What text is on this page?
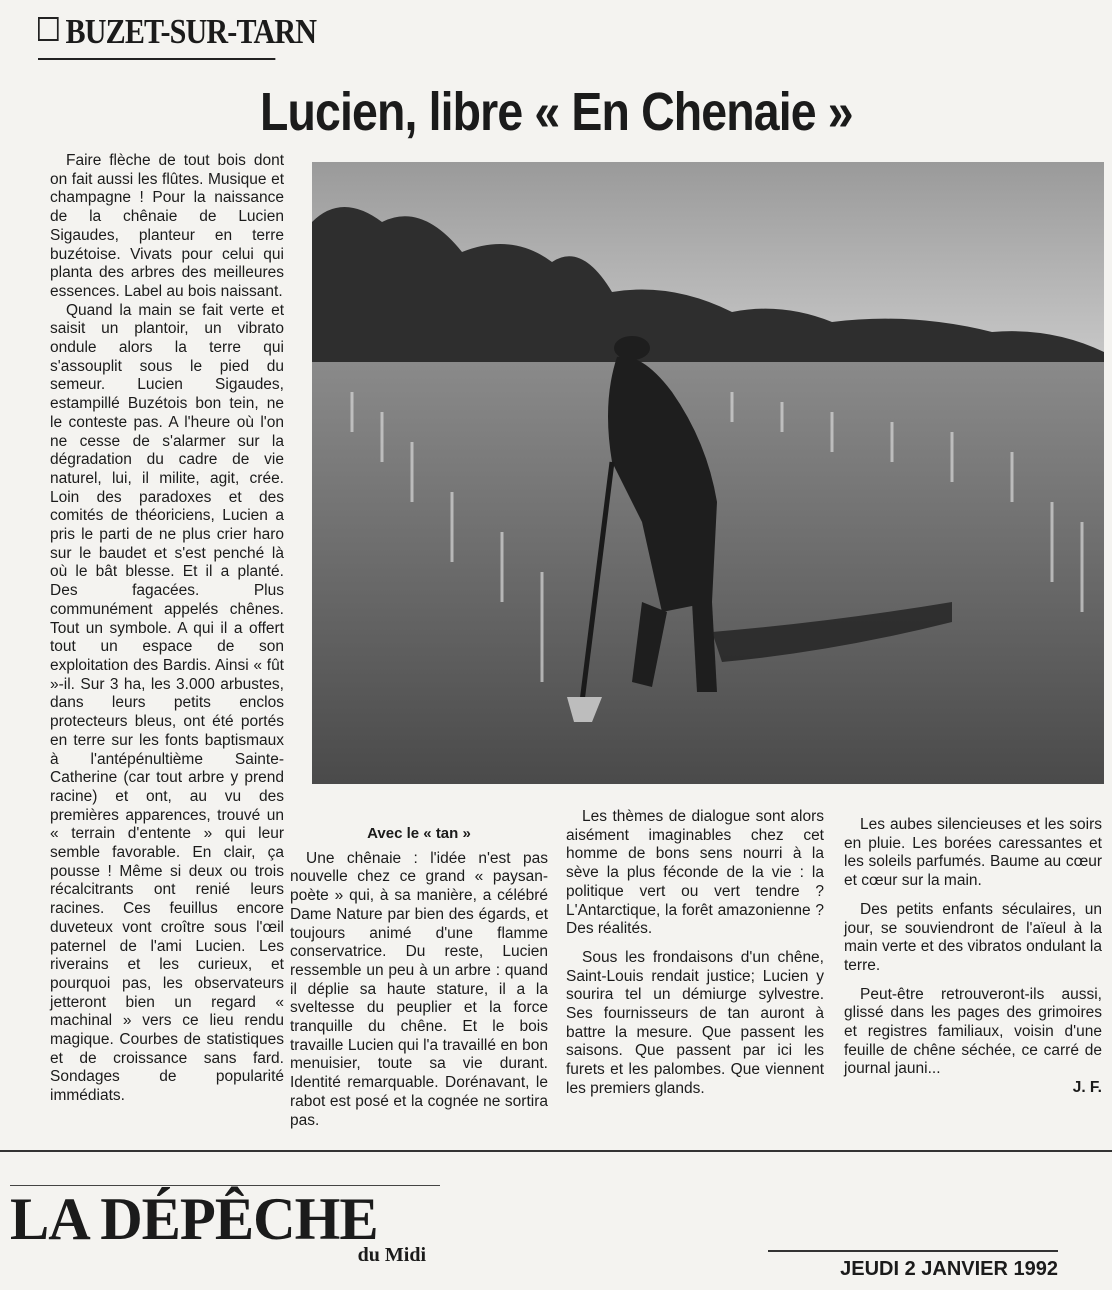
BUZET-SUR-TARN
Lucien, libre « En Chenaie »

Faire flèche de tout bois dont on fait aussi les flûtes. Musique et champagne ! Pour la naissance de la chênaie de Lucien Sigaudes, planteur en terre buzétoise. Vivats pour celui qui planta des arbres des meilleures essences. Label au bois naissant.

Quand la main se fait verte et saisit un plantoir, un vibrato ondule alors la terre qui s'assouplit sous le pied du semeur. Lucien Sigaudes, estampillé Buzétois bon tein, ne le conteste pas. A l'heure où l'on ne cesse de s'alarmer sur la dégradation du cadre de vie naturel, lui, il milite, agit, crée. Loin des paradoxes et des comités de théoriciens, Lucien a pris le parti de ne plus crier haro sur le baudet et s'est penché là où le bât blesse. Et il a planté. Des fagacées. Plus communément appelés chênes. Tout un symbole. A qui il a offert tout un espace de son exploitation des Bardis. Ainsi « fût »-il. Sur 3 ha, les 3.000 arbustes, dans leurs petits enclos protecteurs bleus, ont été portés en terre sur les fonts baptismaux à l'antépénultième Sainte-Catherine (car tout arbre y prend racine) et ont, au vu des premières apparences, trouvé un « terrain d'entente » qui leur semble favorable. En clair, ça pousse ! Même si deux ou trois récalcitrants ont renié leurs racines. Ces feuillus encore duveteux vont croître sous l'œil paternel de l'ami Lucien. Les riverains et les curieux, et pourquoi pas, les observateurs jetteront bien un regard « machinal » vers ce lieu rendu magique. Courbes de statistiques et de croissance sans fard. Sondages de popularité immédiats.

Avec le « tan »

Une chênaie : l'idée n'est pas nouvelle chez ce grand « paysan-poète » qui, à sa manière, a célébré Dame Nature par bien des égards, et toujours animé d'une flamme conservatrice. Du reste, Lucien ressemble un peu à un arbre : quand il déplie sa haute stature, il a la sveltesse du peuplier et la force tranquille du chêne. Et le bois travaille Lucien qui l'a travaillé en bon menuisier, toute sa vie durant. Identité remarquable. Dorénavant, le rabot est posé et la cognée ne sortira pas.

Les thèmes de dialogue sont alors aisément imaginables chez cet homme de bons sens nourri à la sève la plus féconde de la vie : la politique vert ou vert tendre ? L'Antarctique, la forêt amazonienne ? Des réalités.

Sous les frondaisons d'un chêne, Saint-Louis rendait justice; Lucien y sourira tel un démiurge sylvestre. Ses fournisseurs de tan auront à battre la mesure. Que passent les saisons. Que passent par ici les furets et les palombes. Que viennent les premiers glands.

Les aubes silencieuses et les soirs en pluie. Les borées caressantes et les soleils parfumés. Baume au cœur et cœur sur la main.

Des petits enfants séculaires, un jour, se souviendront de l'aïeul à la main verte et des vibratos ondulant la terre.

Peut-être retrouveront-ils aussi, glissé dans les pages des grimoires et registres familiaux, voisin d'une feuille de chêne séchée, ce carré de journal jauni...

J. F.

LA DÉPÊCHE
du Midi
JEUDI 2 JANVIER 1992
